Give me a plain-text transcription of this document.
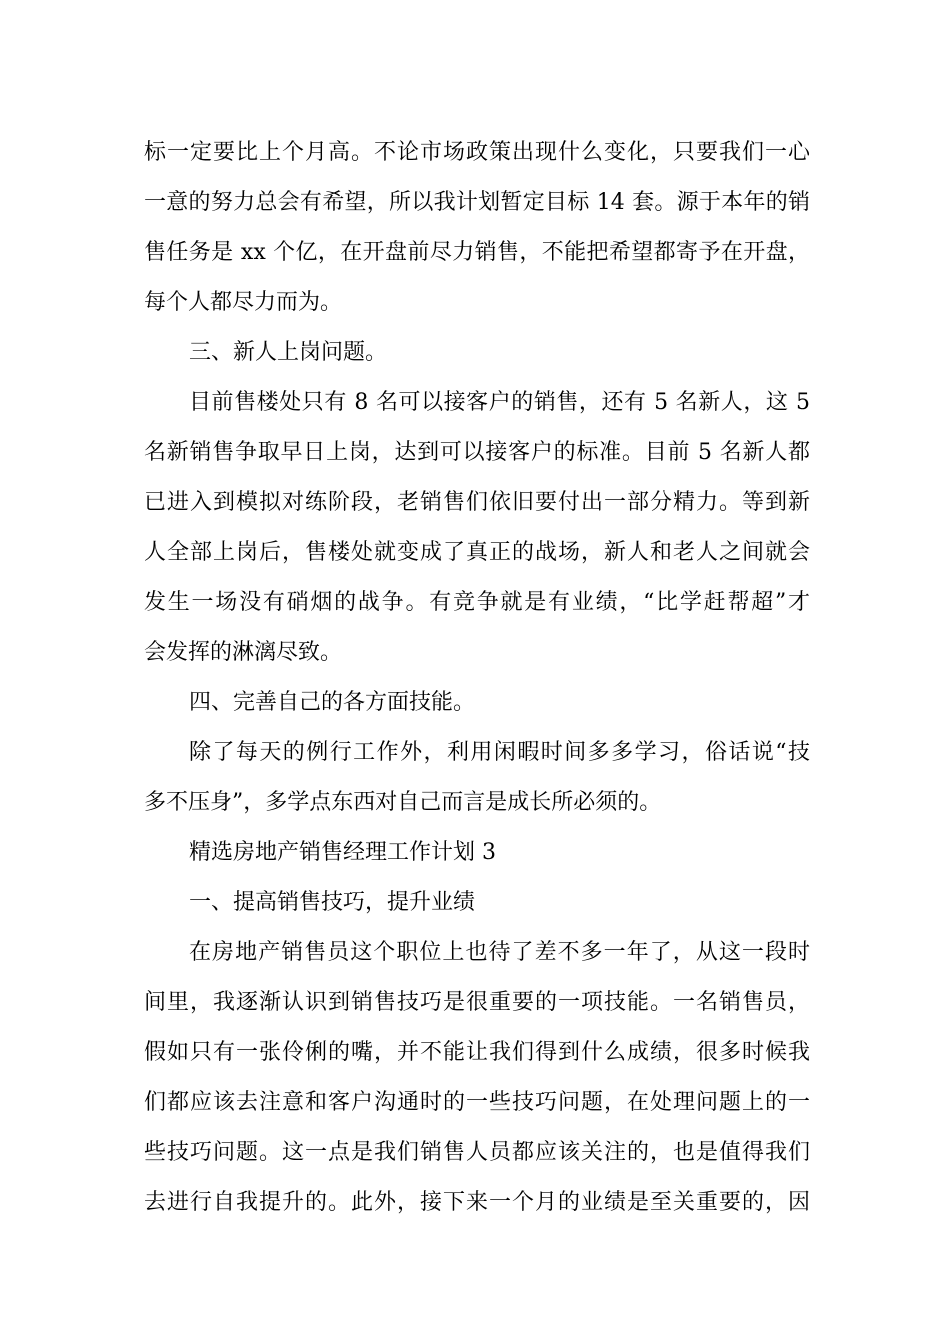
标一定要比上个月高。不论市场政策出现什么变化，只要我们一心
一意的努力总会有希望，所以我计划暂定目标 14 套。源于本年的销
售任务是 xx 个亿，在开盘前尽力销售，不能把希望都寄予在开盘，
每个人都尽力而为。
三、新人上岗问题。
目前售楼处只有 8 名可以接客户的销售，还有 5 名新人，这 5
名新销售争取早日上岗，达到可以接客户的标准。目前 5 名新人都
已进入到模拟对练阶段，老销售们依旧要付出一部分精力。等到新
人全部上岗后，售楼处就变成了真正的战场，新人和老人之间就会
发生一场没有硝烟的战争。有竞争就是有业绩，“比学赶帮超”才
会发挥的淋漓尽致。
四、完善自己的各方面技能。
除了每天的例行工作外，利用闲暇时间多多学习，俗话说“技
多不压身”，多学点东西对自己而言是成长所必须的。
精选房地产销售经理工作计划 3
一、提高销售技巧，提升业绩
在房地产销售员这个职位上也待了差不多一年了，从这一段时
间里，我逐渐认识到销售技巧是很重要的一项技能。一名销售员，
假如只有一张伶俐的嘴，并不能让我们得到什么成绩，很多时候我
们都应该去注意和客户沟通时的一些技巧问题，在处理问题上的一
些技巧问题。这一点是我们销售人员都应该关注的，也是值得我们
去进行自我提升的。此外，接下来一个月的业绩是至关重要的，因
